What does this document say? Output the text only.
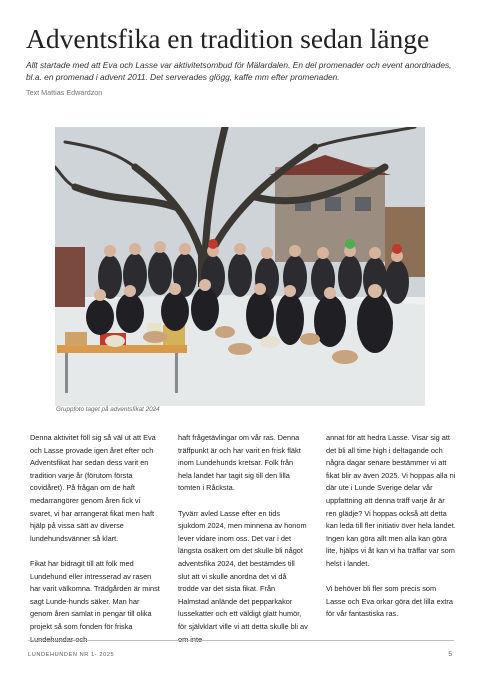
Adventsfika en tradition sedan länge
Allt startade med att Eva och Lasse var aktivitetsombud för Mälardalen. En del promenader och event anordnades, bl.a. en promenad i advent 2011. Det serverades glögg, kaffe mm efter promenaden.
Text Mattias Edwardzon
Gruppfoto taget på adventsfikat 2024

Denna aktivitet föll sig så väl ut att Eva och Lasse provade igen året efter och Adventsfikat har sedan dess varit en tradition varje år (förutom första covidåret). På frågan om de haft medarrangörer genom åren fick vi svaret, vi har arrangerat fikat men haft hjälp på vissa sätt av diverse lundehundsvänner så klart.

Fikat har bidragit till att folk med Lundehund eller intresserad av rasen har varit välkomna. Trädgården är minst sagt Lunde-hunds säker. Man har genom åren samlat in pengar till olika projekt så som fonden för friska Lundehundar och

haft frågetävlingar om vår ras. Denna träffpunkt är och har varit en frisk fläkt inom Lundehunds kretsar. Folk från hela landet har tagit sig till den lilla tomten i Råcksta.

Tyvärr avled Lasse efter en tids sjukdom 2024, men minnena av honom lever vidare inom oss. Det var i det längsta osäkert om det skulle bli något adventsfika 2024, det bestämdes till slut att vi skulle anordna det vi då trodde var det sista fikat. Från Halmstad anlände det pepparkakor lussekatter och ett väldigt glatt humör, för självklart ville vi att detta skulle bli av om inte

annat för att hedra Lasse. Visar sig att det bli all time high i deltagande och några dagar senare bestämmer vi att fikat blir av även 2025. Vi hoppas alla ni där ute i Lunde Sverige delar vår uppfattning att denna träff varje år är ren glädje? Vi hoppas också att detta kan leda till fler initiativ över hela landet. Ingen kan göra allt men alla kan göra lite, hjälps vi åt kan vi ha träffar var som helst i landet.

Vi behöver bli fler som precis som Lasse och Eva orkar göra det lilla extra för vår fantastiska ras.

LUNDEHUNDEN NR 1- 2025	5
